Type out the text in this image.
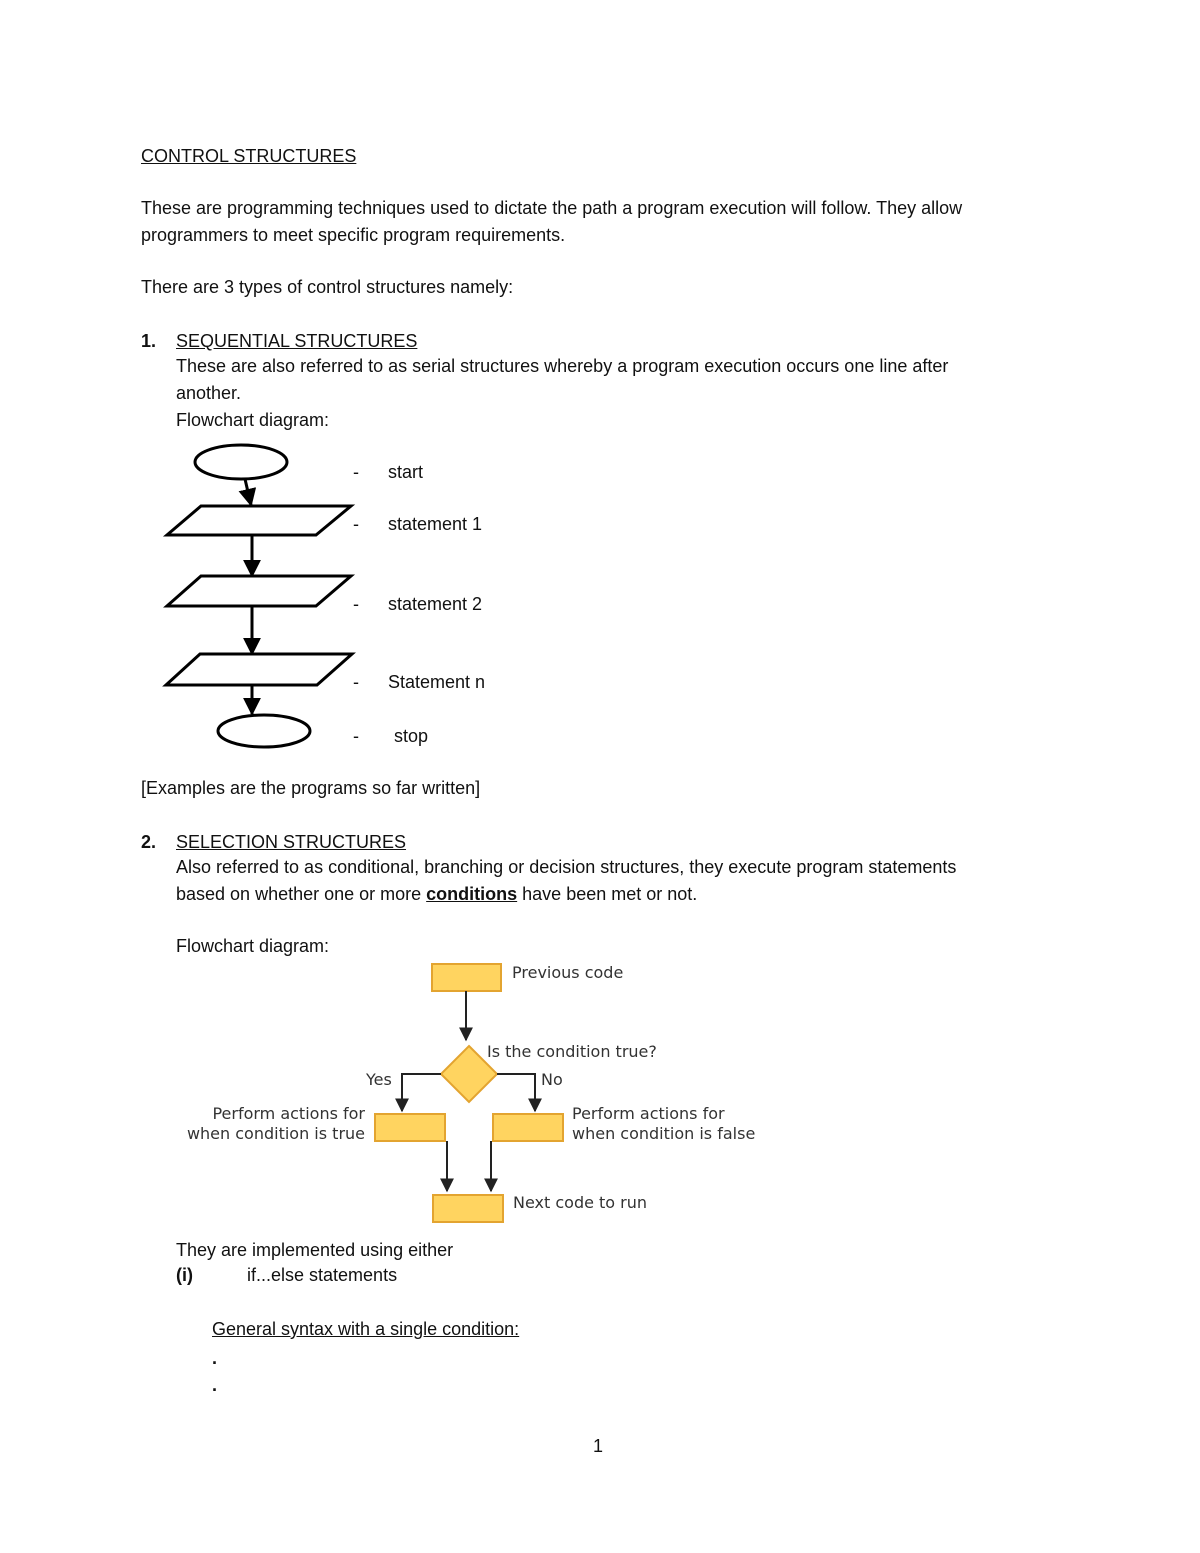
CONTROL STRUCTURES
These are programming techniques used to dictate the path a program execution will follow. They allow
programmers to meet specific program requirements.
There are 3 types of control structures namely:
1. SEQUENTIAL STRUCTURES
These are also referred to as serial structures whereby a program execution occurs one line after
another.
Flowchart diagram:
- start
- statement 1
- statement 2
- Statement n
- stop
[Examples are the programs so far written]
2. SELECTION STRUCTURES
Also referred to as conditional, branching or decision structures, they execute program statements
based on whether one or more conditions have been met or not.
Flowchart diagram:
Previous code
Is the condition true?
Yes	No
Perform actions for
when condition is true
Perform actions for
when condition is false
Next code to run
They are implemented using either
(i)	if...else statements
General syntax with a single condition:
.
.
1
